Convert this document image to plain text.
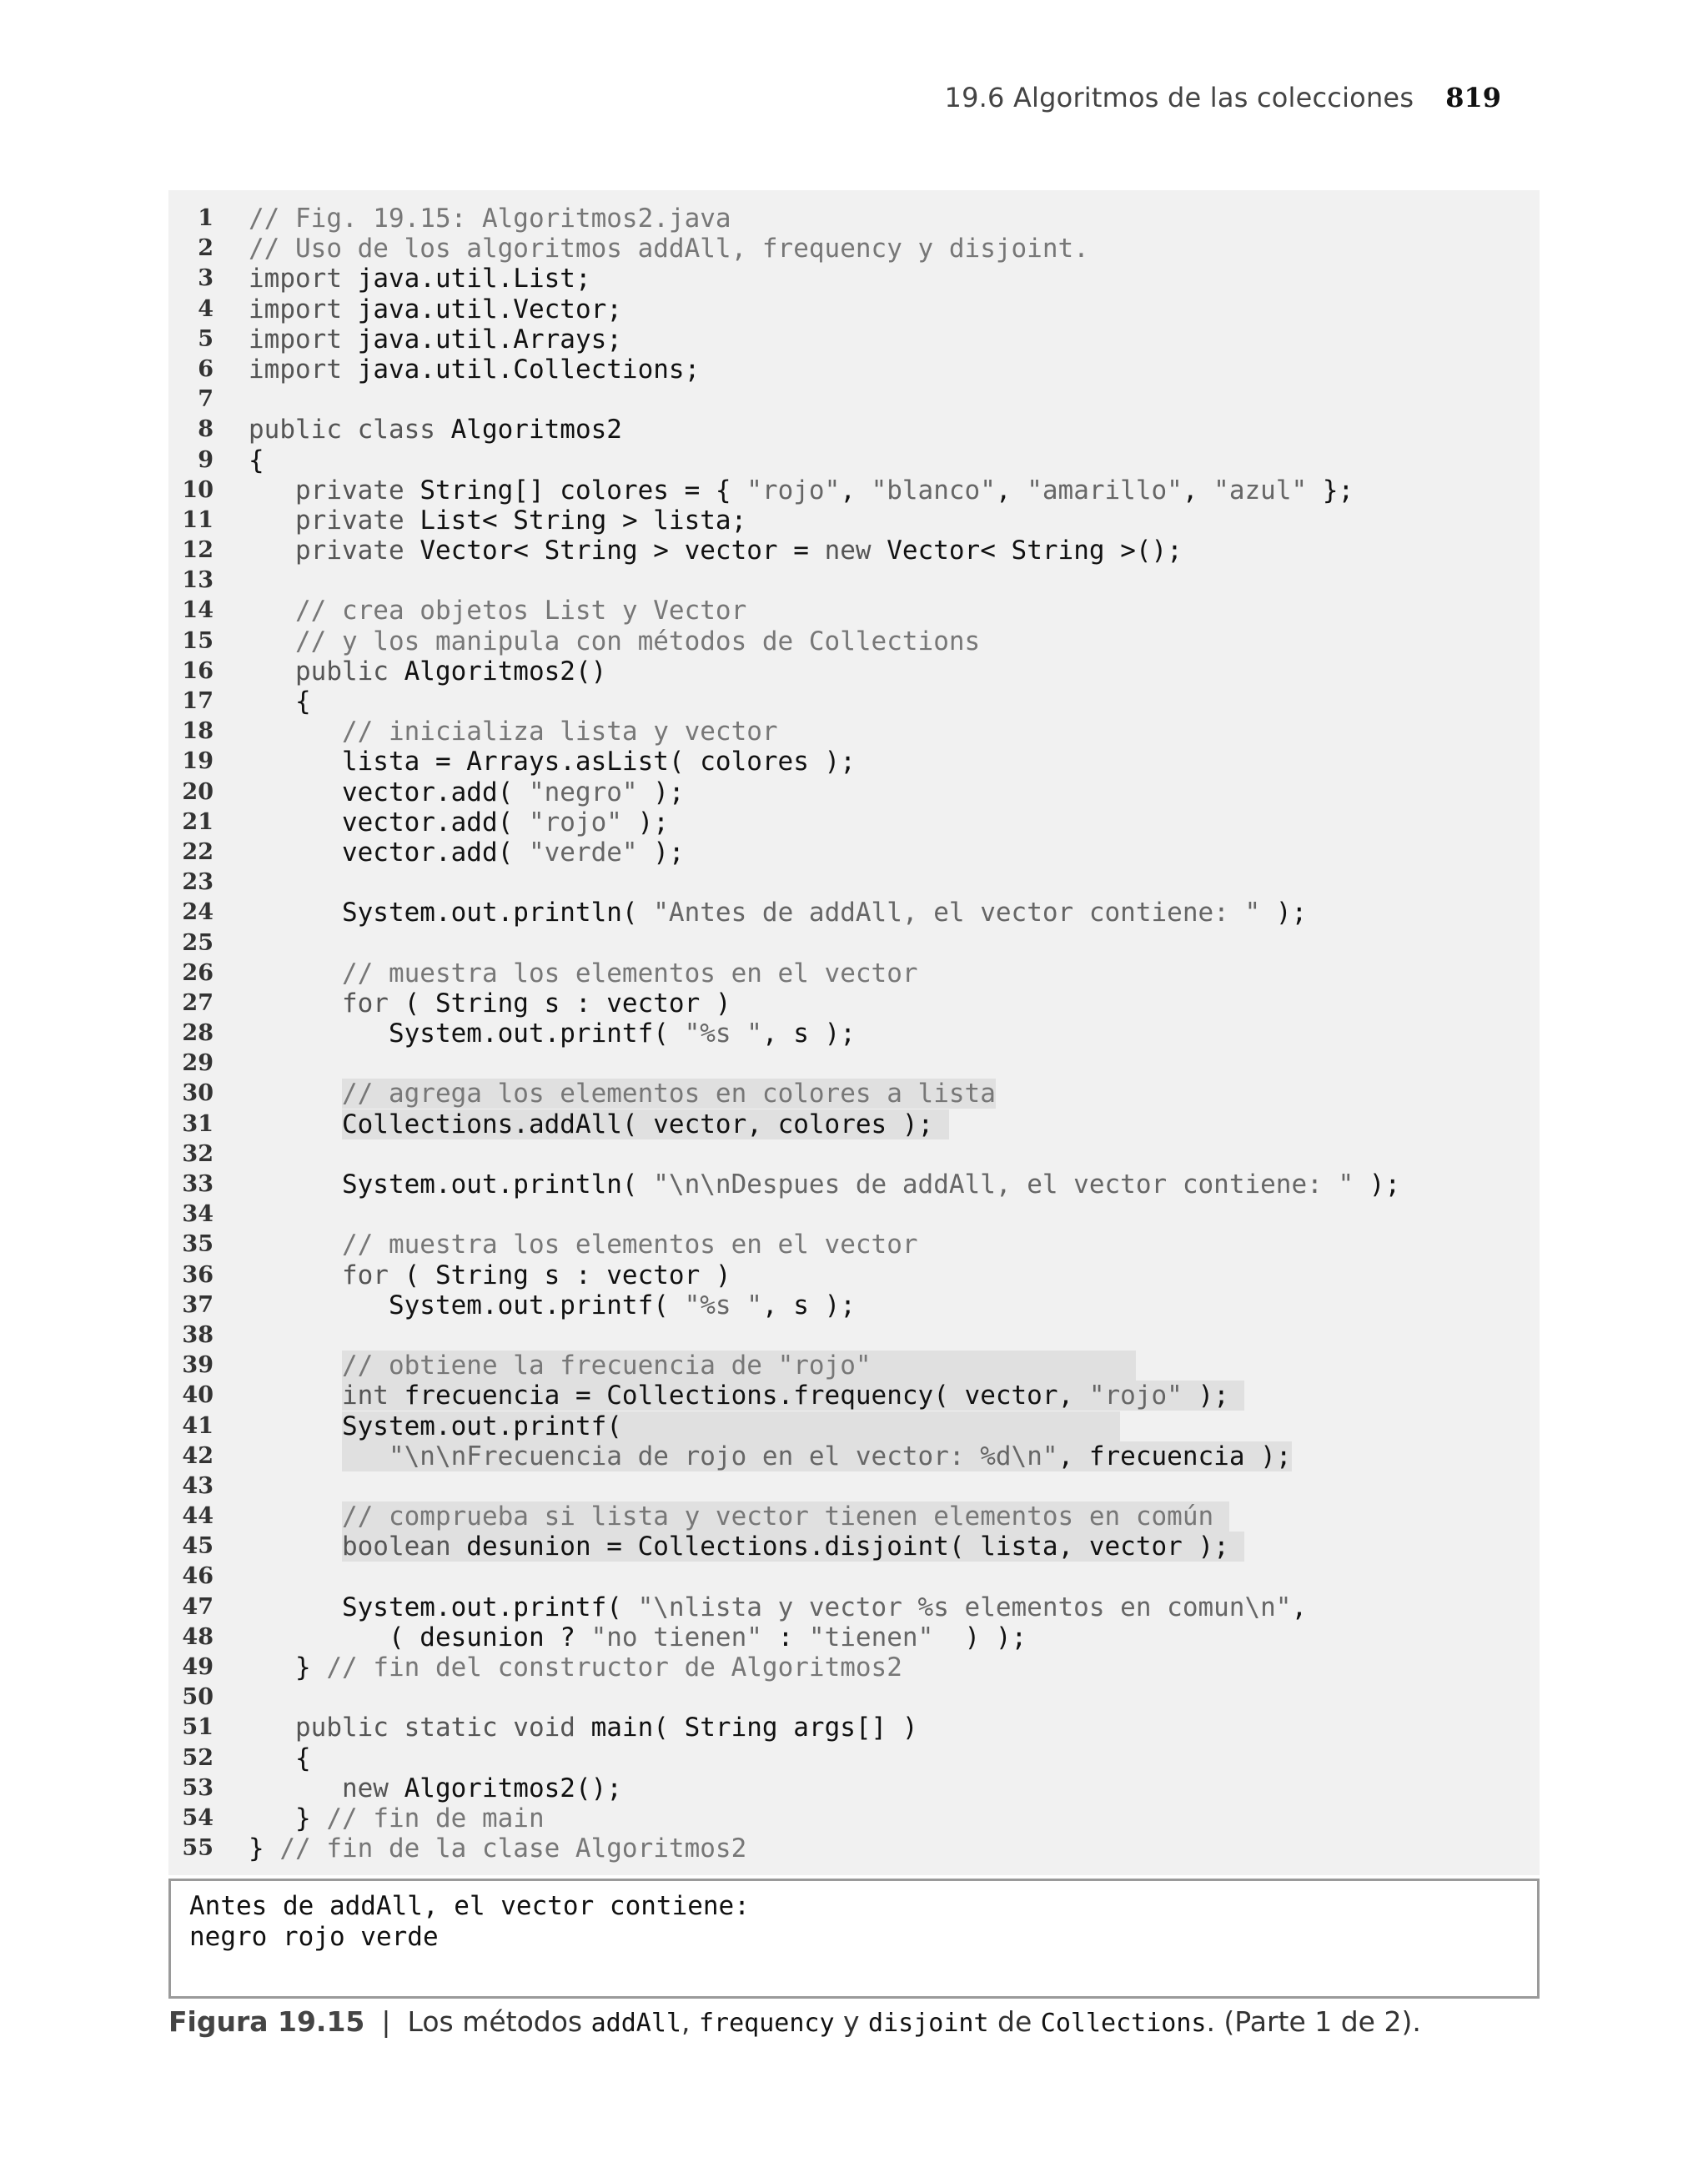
19.6 Algoritmos de las colecciones 819
1 // Fig. 19.15: Algoritmos2.java
2 // Uso de los algoritmos addAll, frequency y disjoint.
3 import java.util.List;
4 import java.util.Vector;
5 import java.util.Arrays;
6 import java.util.Collections;
7
8 public class Algoritmos2
9 {
10 private String[] colores = { "rojo", "blanco", "amarillo", "azul" };
11 private List< String > lista;
12 private Vector< String > vector = new Vector< String >();
13
14 // crea objetos List y Vector
15 // y los manipula con métodos de Collections
16 public Algoritmos2()
17 {
18 // inicializa lista y vector
19 lista = Arrays.asList( colores );
20 vector.add( "negro" );
21 vector.add( "rojo" );
22 vector.add( "verde" );
23
24 System.out.println( "Antes de addAll, el vector contiene: " );
25
26 // muestra los elementos en el vector
27 for ( String s : vector )
28 System.out.printf( "%s ", s );
29
30	// agrega los elementos en colores a lista
31	Collections.addAll( vector, colores );
32
33 System.out.println( "\n\nDespues de addAll, el vector contiene: " );
34
35 // muestra los elementos en el vector
36 for ( String s : vector )
37 System.out.printf( "%s ", s );
38
39	// obtiene la frecuencia de "rojo"
40	int frecuencia = Collections.frequency( vector, "rojo" );
41	System.out.printf(
42	"\n\nFrecuencia de rojo en el vector: %d\n", frecuencia );
43
44	// comprueba si lista y vector tienen elementos en común
45	boolean desunion = Collections.disjoint( lista, vector );
46
47 System.out.printf( "\nlista y vector %s elementos en comun\n",
48 ( desunion ? "no tienen" : "tienen"  ) );
49 } // fin del constructor de Algoritmos2
50
51 public static void main( String args[] )
52 {
53 new Algoritmos2();
54 } // fin de main
55 } // fin de la clase Algoritmos2
Antes de addAll, el vector contiene:
negro rojo verde
Figura 19.15 | Los métodos addAll, frequency y disjoint de Collections. (Parte 1 de 2).
